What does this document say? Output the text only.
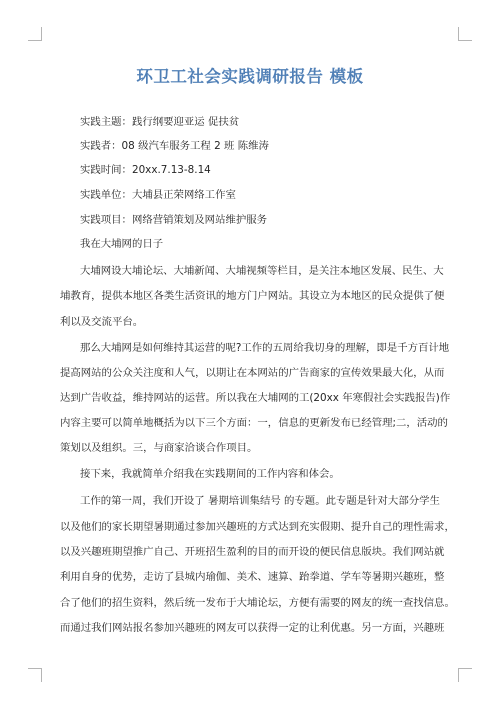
环卫工社会实践调研报告 模板
实践主题：践行纲要迎亚运 促扶贫
实践者：08 级汽车服务工程 2 班 陈维涛
实践时间：20xx.7.13-8.14
实践单位：大埔县正荣网络工作室
实践项目：网络营销策划及网站维护服务
我在大埔网的日子
大埔网设大埔论坛、大埔新闻、大埔视频等栏目，是关注本地区发展、民生、大
埔教育，提供本地区各类生活资讯的地方门户网站。其设立为本地区的民众提供了便
利以及交流平台。
那么大埔网是如何维持其运营的呢?工作的五周给我切身的理解，即是千方百计地
提高网站的公众关注度和人气，以期让在本网站的广告商家的宣传效果最大化，从而
达到广告收益，维持网站的运营。所以我在大埔网的工(20xx 年寒假社会实践报告)作
内容主要可以简单地概括为以下三个方面：一，信息的更新发布已经管理;二，活动的
策划以及组织。三，与商家洽谈合作项目。
接下来，我就简单介绍我在实践期间的工作内容和体会。
工作的第一周，我们开设了 暑期培训集结号 的专题。此专题是针对大部分学生
以及他们的家长期望暑期通过参加兴趣班的方式达到充实假期、提升自己的理性需求，
以及兴趣班期望推广自己、开班招生盈利的目的而开设的便民信息版块。我们网站就
利用自身的优势，走访了县城内瑜伽、美术、速算、跆拳道、学车等暑期兴趣班，整
合了他们的招生资料，然后统一发布于大埔论坛，方便有需要的网友的统一查找信息。
而通过我们网站报名参加兴趣班的网友可以获得一定的让利优惠。另一方面，兴趣班
